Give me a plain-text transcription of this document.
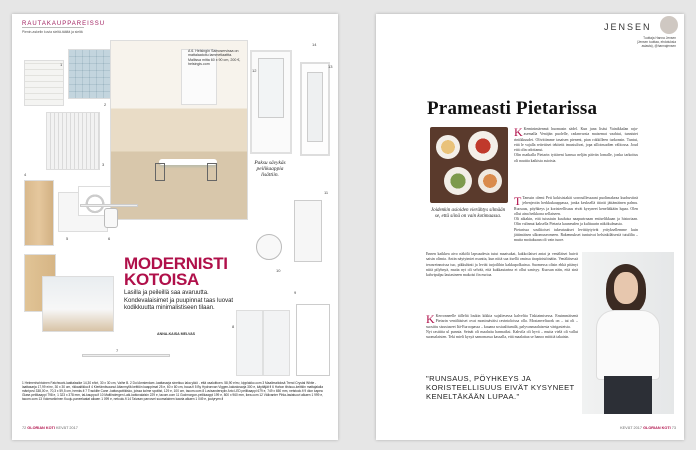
RAUTAKAUPPAREISSU
Pienin-askelin kuvia sieltä-täältä ja sieltä
A 6. Helsingin Samoservissa on mattalaatoitu lammetlaattta. Mallissa mitta 60 x 90 cm, 200 €, helsingis.com
Paksu sävykäs peilikaappia lisättiin.
MODERNISTI
KOTOISA
Lasilla ja peileillä saa avaruutta. Kondevalaisimet ja puupinnat taas luovat kodikkuutta minimalistiseen tilaan.
ANNA-KAISA MELVAS
1
2
3
4
5	6
7
8
9
10
11
12
13
14
1 Helmenhohtoinen Fatchwork-laattalasike 14,30 e/krt, 30 x 30 cm, Vaihe B. 2 Dol Amsterdam -laattasarja sinetkuu laka ykkö - että vaaloittoen. 58,90 e/m², kipplakko.com 3 Maalimaitoksä Trend Crystal White -laattasarja 17,99 e/m², 30 x 30 cm, rikkaaltikka.fi 4 Kiertämävaunut Aitanmyllä keittiön kaappimat 25 e, 60 x 80 cm, baua.fi 5 By Hydronvan Viggen-kalustosarja 300 e, käyttäjät fi 6 Hahon tiivisuu-keittiön mattajalalla mäntyovi 338,00 e, 70,3 x 59,5 cm, hemks.fi 7 Tracklite Cane -kattospottikisko, joissa kolme spotlist, 129 e, 100 cm, tacom.com 8 Luvisandersylin Arto LED peilikaappi 679 e, 749 x 650 mm, netstock.fi 9 dion kapea Glase-peilikaappi 798 e, 1 323 x 378 mm, tal-kauppa.fi 10 Maltlindergen Laki-kattovalaisin 229 e, tacom.com 11 Godmorgon-peilikaappi 199 e, 800 x 960 mm, ikea.com 12 Välivanter Pihla-lasiatuovi alkaen 1 999 e, tacom.com 13 Vokerarikrinen Kuuju-paneelaatat alkaen 1 099 e, netoulu.fi 14 Taivaan parvovei suomalainen kaaria alkaen 1 049 e, joutyryen.fi
72 GLORIAN KOTI KEVÄT 2017
JENSEN
Tuottaja Hanna Jensen (Jensen tuottaa, ehdotuksia asiasta), @hannajensen
Prameasti Pietarissa
Joidenkin asioiden vierähtys silmään se, että siinä on vain kotimaassa.
K Keminimäenmä huomasin sädel. Kun juna lisäsi Vainikkalan raja-asemalla Venäjän puolelle, radanvarsia maisemat vaahtui, tunnistet rintikkuudet. Olivittimme tasaisen pienent, pian rokkilleen turkonsin. Tuntui, että le vajalla reitettiset tekitetit tmustulivat, jopa silloinsadten välitossa. Joud että olin odottanut.
Olin matkalla Pietarin tyttäreni kanssa neljän päivän lomalle, jonka tarkoitus oli nauttia kaikista asioista.
T Tanssin olemi Peti kokisistakäi sorrouillessaani puolimakeaa kuohuviinä jehenjeoiin herkkukauppassa, jonka kesksellä tätotti jättämäinen palmu. Ruosaus, pöyhkeys ja koristeellisuus eivät kysyneet keneltäkään lupaa. Olen ollut aina heikkona sellaiseen.
Oli aikakin, että tutustuin kuuluisa naapurirnaan entiselikkaan ja historiaan. Olin valinnut kaksella Pietaria kauneuden ja kulttuurin näkökulmasta.
Pietarissa sosiliioiset tukeutuukset levittäytyivät yrityksellemme kuin jättimäisen ulkomuseomeen. Rakennukset tuntuivat helsinkiläisestä tutulilta – mutta moitaksaan oli vain tuore.
Ennen kaikkea aivo näkölä lapsuudesta tutut maatsukat, kakkoilaiset antat ja venäläiset huivit saisin olimia. Antin näytyimiet nsantta, kun niitä saa itsellä omissa tirapäristöinäiin. Venäläisessä terasreinnoissa tuo, pikkuhinti ja leviät tarjoilihin kakkupolkuissa. Suomessa olisin ehkä pitänyt niitä pilyhnyä, mutta nyt oli selvää, että kukkautarina ei ollut sanisyy. Kuosun näin, että sinä kahvipulpu lautasineen makoisi fin eurioa.
K Kerronneelle tälleltä loukin kikkia sujaliesessa kalveltia Tiskiatmisessa. Ensimmäisenä Pietarin venäläisiset ovat moniraäväisi ravintoloissa olla. Mostanveltuork on – tai oli – suosittu sisustuseet Itä-Euroopassa – kauana sosiaalitumilä, palyvasmaalaisesta värigasteista.
Nyt rasttitta ul punnia. Seinät oli maalattu harmaiksi. Kahvila oli hyvä – mutta vielä oli vallut suomalaisten. Teki mieli kysyä samomassa kassalla, että maalattaa se hanoo mitttiä takaisin.
"RUNSAUS, PÖYHKEYS JA KORISTEELLISUUS EIVÄT KYSYNEET KENELTÄKÄÄN LUPAA."
KEVÄT 2017 GLORIAN KOTI 73
